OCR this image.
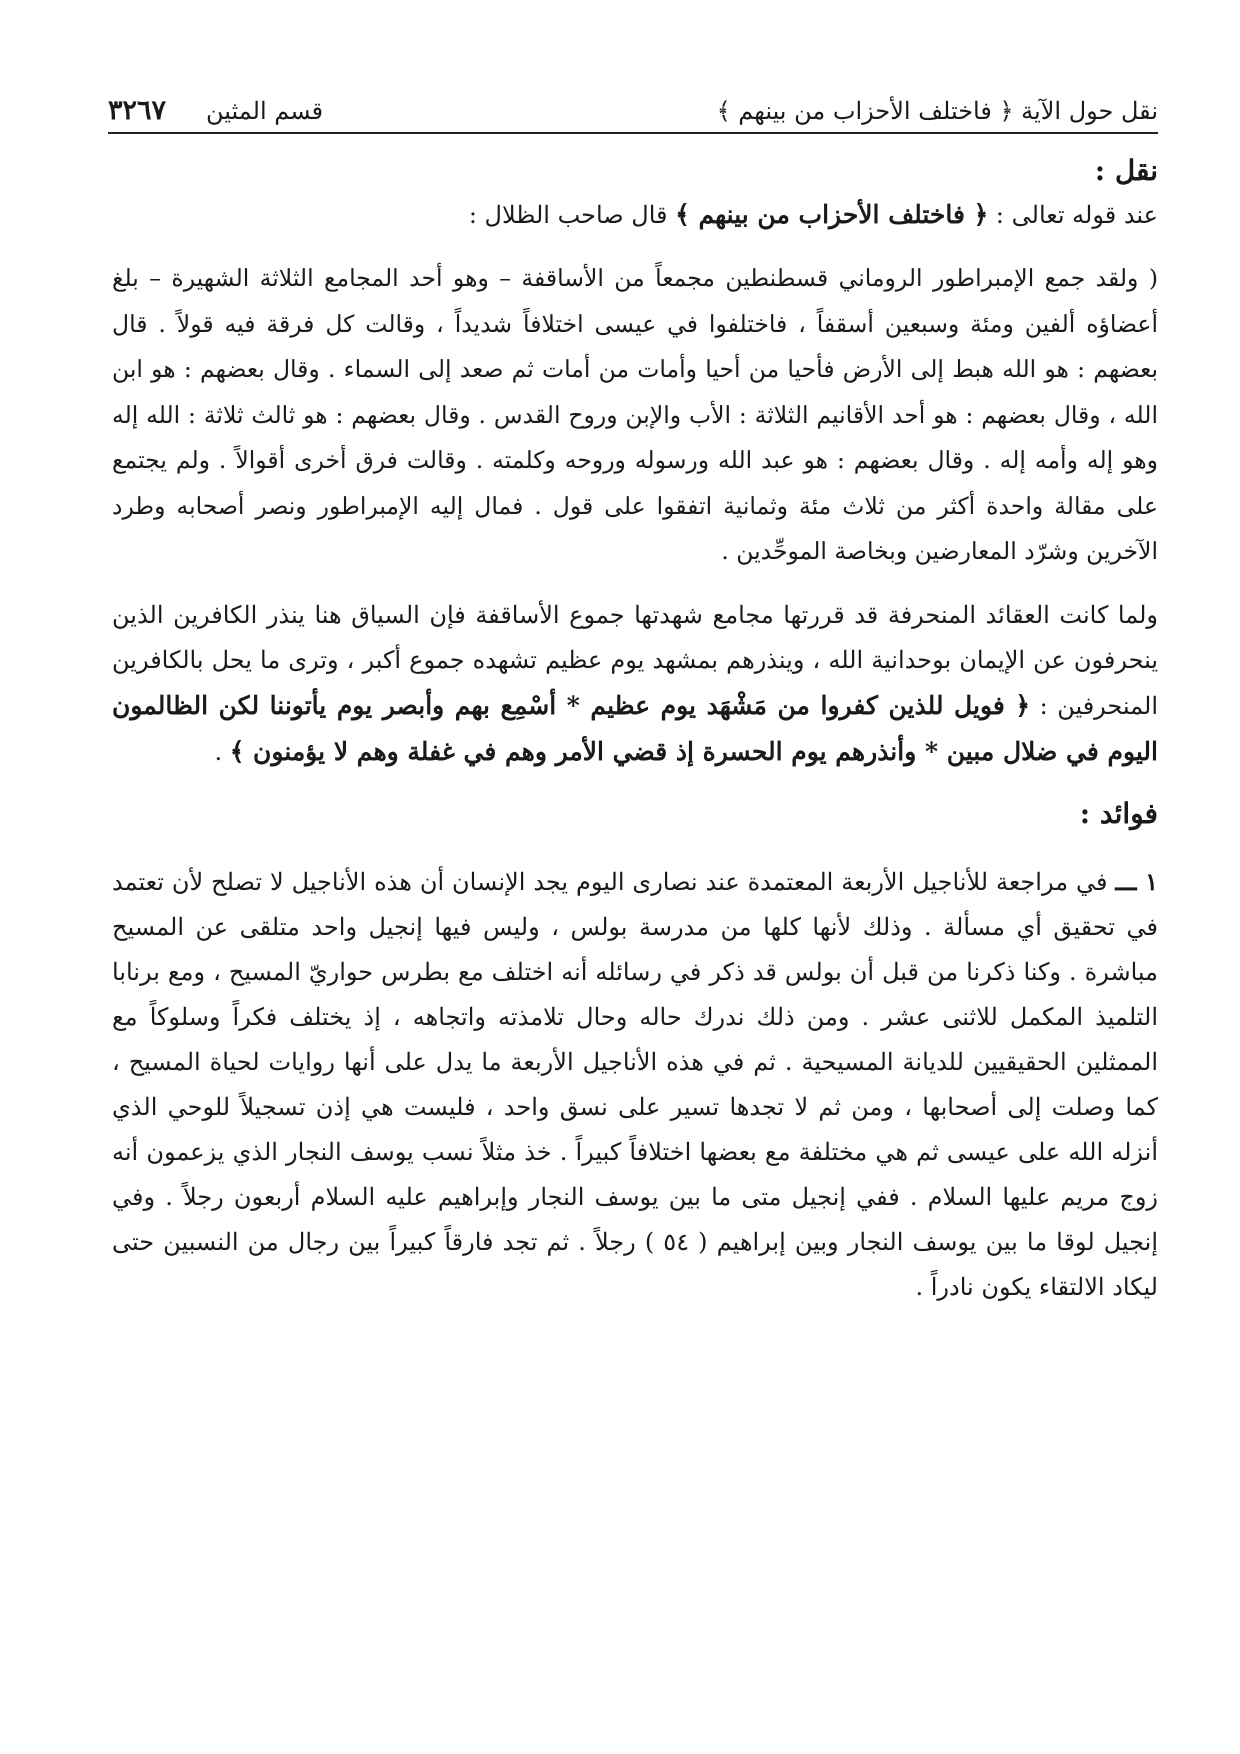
نقل حول الآية ﴿ فاختلف الأحزاب من بينهم ﴾
قسم المثين
٣٢٦٧

نقل :

عند قوله تعالى : ﴿ فاختلف الأحزاب من بينهم ﴾ قال صاحب الظلال :

( ولقد جمع الإمبراطور الروماني قسطنطين مجمعاً من الأساقفة – وهو أحد المجامع الثلاثة الشهيرة – بلغ أعضاؤه ألفين ومئة وسبعين أسقفاً ، فاختلفوا في عيسى اختلافاً شديداً ، وقالت كل فرقة فيه قولاً . قال بعضهم : هو الله هبط إلى الأرض فأحيا من أحيا وأمات من أمات ثم صعد إلى السماء . وقال بعضهم : هو ابن الله ، وقال بعضهم : هو أحد الأقانيم الثلاثة : الأب والإبن وروح القدس . وقال بعضهم : هو ثالث ثلاثة : الله إله وهو إله وأمه إله . وقال بعضهم : هو عبد الله ورسوله وروحه وكلمته . وقالت فرق أخرى أقوالاً . ولم يجتمع على مقالة واحدة أكثر من ثلاث مئة وثمانية اتفقوا على قول . فمال إليه الإمبراطور ونصر أصحابه وطرد الآخرين وشرّد المعارضين وبخاصة الموحِّدين .

ولما كانت العقائد المنحرفة قد قررتها مجامع شهدتها جموع الأساقفة فإن السياق هنا ينذر الكافرين الذين ينحرفون عن الإيمان بوحدانية الله ، وينذرهم بمشهد يوم عظيم تشهده جموع أكبر ، وترى ما يحل بالكافرين المنحرفين : ﴿ فويل للذين كفروا من مَشْهَد يوم عظيم * أسْمِع بهم وأبصر يوم يأتوننا لكن الظالمون اليوم في ضلال مبين * وأنذرهم يوم الحسرة إذ قضي الأمر وهم في غفلة وهم لا يؤمنون ﴾ .

فوائد :

١ ـــ في مراجعة للأناجيل الأربعة المعتمدة عند نصارى اليوم يجد الإنسان أن هذه الأناجيل لا تصلح لأن تعتمد في تحقيق أي مسألة . وذلك لأنها كلها من مدرسة بولس ، وليس فيها إنجيل واحد متلقى عن المسيح مباشرة . وكنا ذكرنا من قبل أن بولس قد ذكر في رسائله أنه اختلف مع بطرس حواريّ المسيح ، ومع برنابا التلميذ المكمل للاثنى عشر . ومن ذلك ندرك حاله وحال تلامذته واتجاهه ، إذ يختلف فكراً وسلوكاً مع الممثلين الحقيقيين للديانة المسيحية . ثم في هذه الأناجيل الأربعة ما يدل على أنها روايات لحياة المسيح ، كما وصلت إلى أصحابها ، ومن ثم لا تجدها تسير على نسق واحد ، فليست هي إذن تسجيلاً للوحي الذي أنزله الله على عيسى ثم هي مختلفة مع بعضها اختلافاً كبيراً . خذ مثلاً نسب يوسف النجار الذي يزعمون أنه زوج مريم عليها السلام . ففي إنجيل متى ما بين يوسف النجار وإبراهيم عليه السلام أربعون رجلاً . وفي إنجيل لوقا ما بين يوسف النجار وبين إبراهيم ( ٥٤ ) رجلاً . ثم تجد فارقاً كبيراً بين رجال من النسبين حتى ليكاد الالتقاء يكون نادراً .
